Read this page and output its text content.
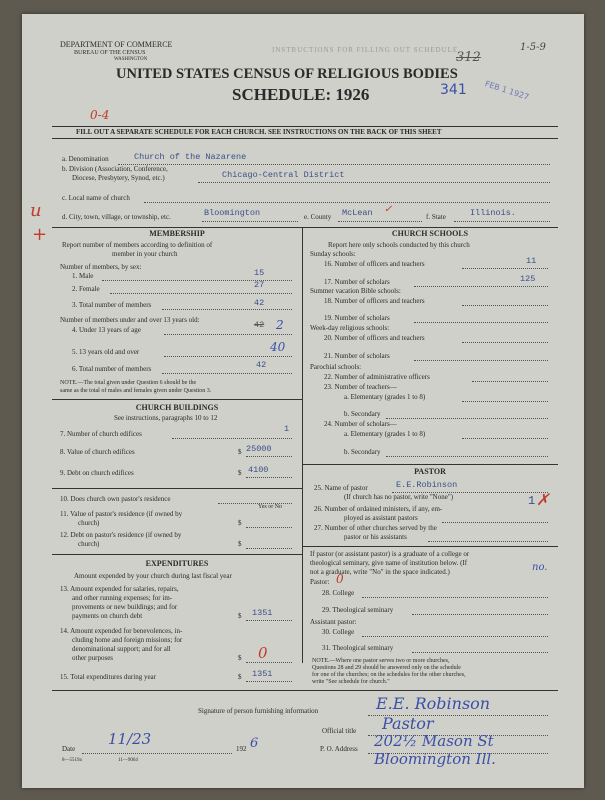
INSTRUCTIONS FOR FILLING OUT SCHEDULE
DEPARTMENT OF COMMERCE
BUREAU OF THE CENSUS
WASHINGTON
UNITED STATES CENSUS OF RELIGIOUS BODIES
SCHEDULE: 1926
312
1-5-9
341 FEB 1 1927
0-4
FILL OUT A SEPARATE SCHEDULE FOR EACH CHURCH. SEE INSTRUCTIONS ON THE BACK OF THIS SHEET
a. Denomination	Church of the Nazarene
b. Division (Association, Conference,
Diocese, Presbytery, Synod, etc.)	Chicago-Central District
c. Local name of church
u
+
d. City, town, village, or township, etc.	Bloomington	e. County McLean ✓
f. State	Illinois.
MEMBERSHIP
Report number of members according to definition of
member in your church
Number of members, by sex:
1. Male	15
2. Female	27
3. Total number of members	42
Number of members under and over 13 years old:
4. Under 13 years of age	42 2
5. 13 years old and over	40
6. Total number of members	42
NOTE.—The total given under Question 6 should be the
same as the total of males and females given under Question 3.
CHURCH BUILDINGS
See instructions, paragraphs 10 to 12
7. Number of church edifices	1
8. Value of church edifices	$ 25000
9. Debt on church edifices	$ 4100
10. Does church own pastor's residence
Yes or No
11. Value of pastor's residence (if owned by
church)	$
12. Debt on pastor's residence (if owned by
church)	$
EXPENDITURES
Amount expended by your church during last fiscal year
13. Amount expended for salaries, repairs,
and other running expenses; for im-
provements or new buildings; and for
payments on church debt	$ 1351
14. Amount expended for benevolences, in-
cluding home and foreign missions; for
denominational support; and for all
other purposes	$ 0
15. Total expenditures during year	$ 1351
CHURCH SCHOOLS
Report here only schools conducted by this church
Sunday schools:
16. Number of officers and teachers	11
17. Number of scholars	125
Summer vacation Bible schools:
18. Number of officers and teachers
19. Number of scholars
Week-day religious schools:
20. Number of officers and teachers
21. Number of scholars
Parochial schools:
22. Number of administrative officers
23. Number of teachers—
a. Elementary (grades 1 to 8)
b. Secondary
24. Number of scholars—
a. Elementary (grades 1 to 8)
b. Secondary
PASTOR
25. Name of pastor	E.E.Robinson
(If church has no pastor, write "None")
26. Number of ordained ministers, if any, em-
ployed as assistant pastors
1 ✗
27. Number of other churches served by the
pastor or his assistants
If pastor (or assistant pastor) is a graduate of a college or
theological seminary, give name of institution below. (If
not a graduate, write "No" in the space indicated.)	no.
Pastor: 0
28. College
29. Theological seminary
Assistant pastor:
30. College
31. Theological seminary
NOTE.—Where one pastor serves two or more churches,
Questions 28 and 29 should be answered only on the schedule
for one of the churches; on the schedules for the other churches,
write "See schedule for church."
Signature of person furnishing information	E.E. Robinson
Official title Pastor
P. O. Address 202½ Mason St
Bloomington Ill.
Date
11/23
192 6
8—5519a	11—9064
